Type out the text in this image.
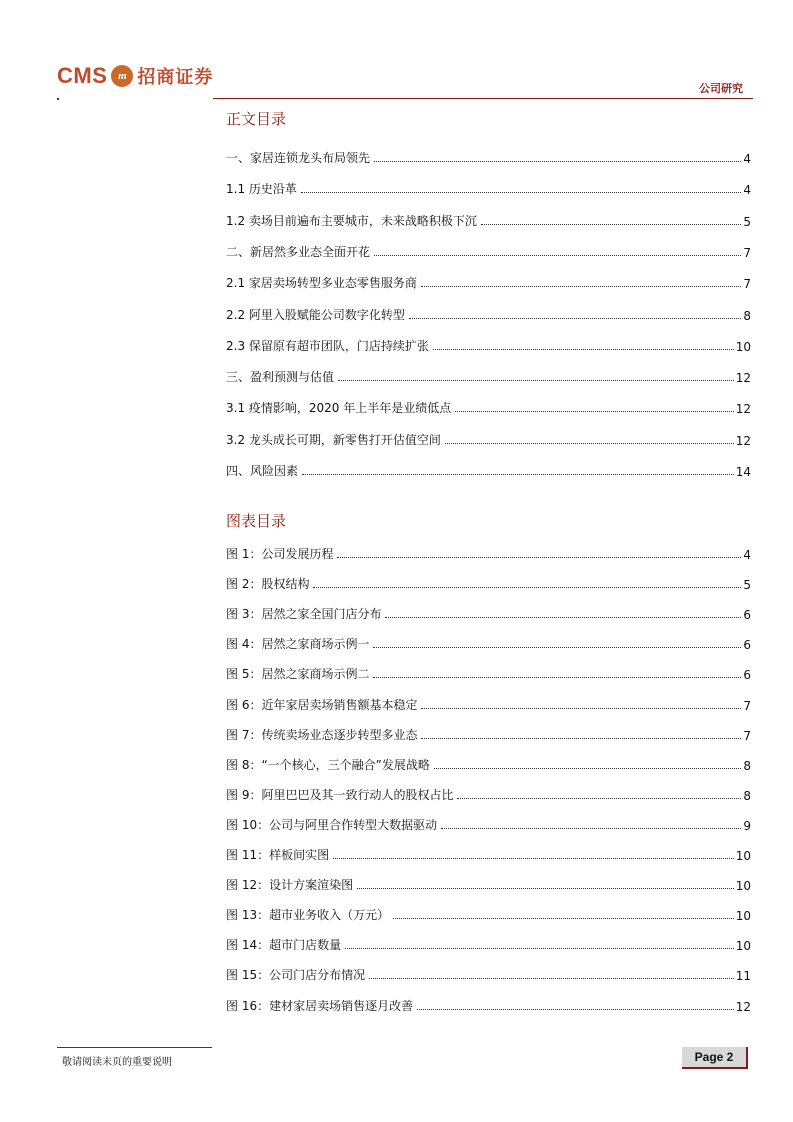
CMS m 招商证券
公司研究
正文目录
一、家居连锁龙头布局领先	4
1.1 历史沿革	4
1.2 卖场目前遍布主要城市，未来战略积极下沉	5
二、新居然多业态全面开花	7
2.1 家居卖场转型多业态零售服务商	7
2.2 阿里入股赋能公司数字化转型	8
2.3 保留原有超市团队，门店持续扩张	10
三、盈利预测与估值	12
3.1 疫情影响，2020 年上半年是业绩低点	12
3.2 龙头成长可期，新零售打开估值空间	12
四、风险因素	14
图表目录
图 1：公司发展历程	4
图 2：股权结构	5
图 3：居然之家全国门店分布	6
图 4：居然之家商场示例一	6
图 5：居然之家商场示例二	6
图 6：近年家居卖场销售额基本稳定	7
图 7：传统卖场业态逐步转型多业态	7
图 8：“一个核心，三个融合”发展战略	8
图 9：阿里巴巴及其一致行动人的股权占比	8
图 10：公司与阿里合作转型大数据驱动	9
图 11：样板间实图	10
图 12：设计方案渲染图	10
图 13：超市业务收入（万元）	10
图 14：超市门店数量	10
图 15：公司门店分布情况	11
图 16：建材家居卖场销售逐月改善	12
敬请阅读末页的重要说明	Page 2
